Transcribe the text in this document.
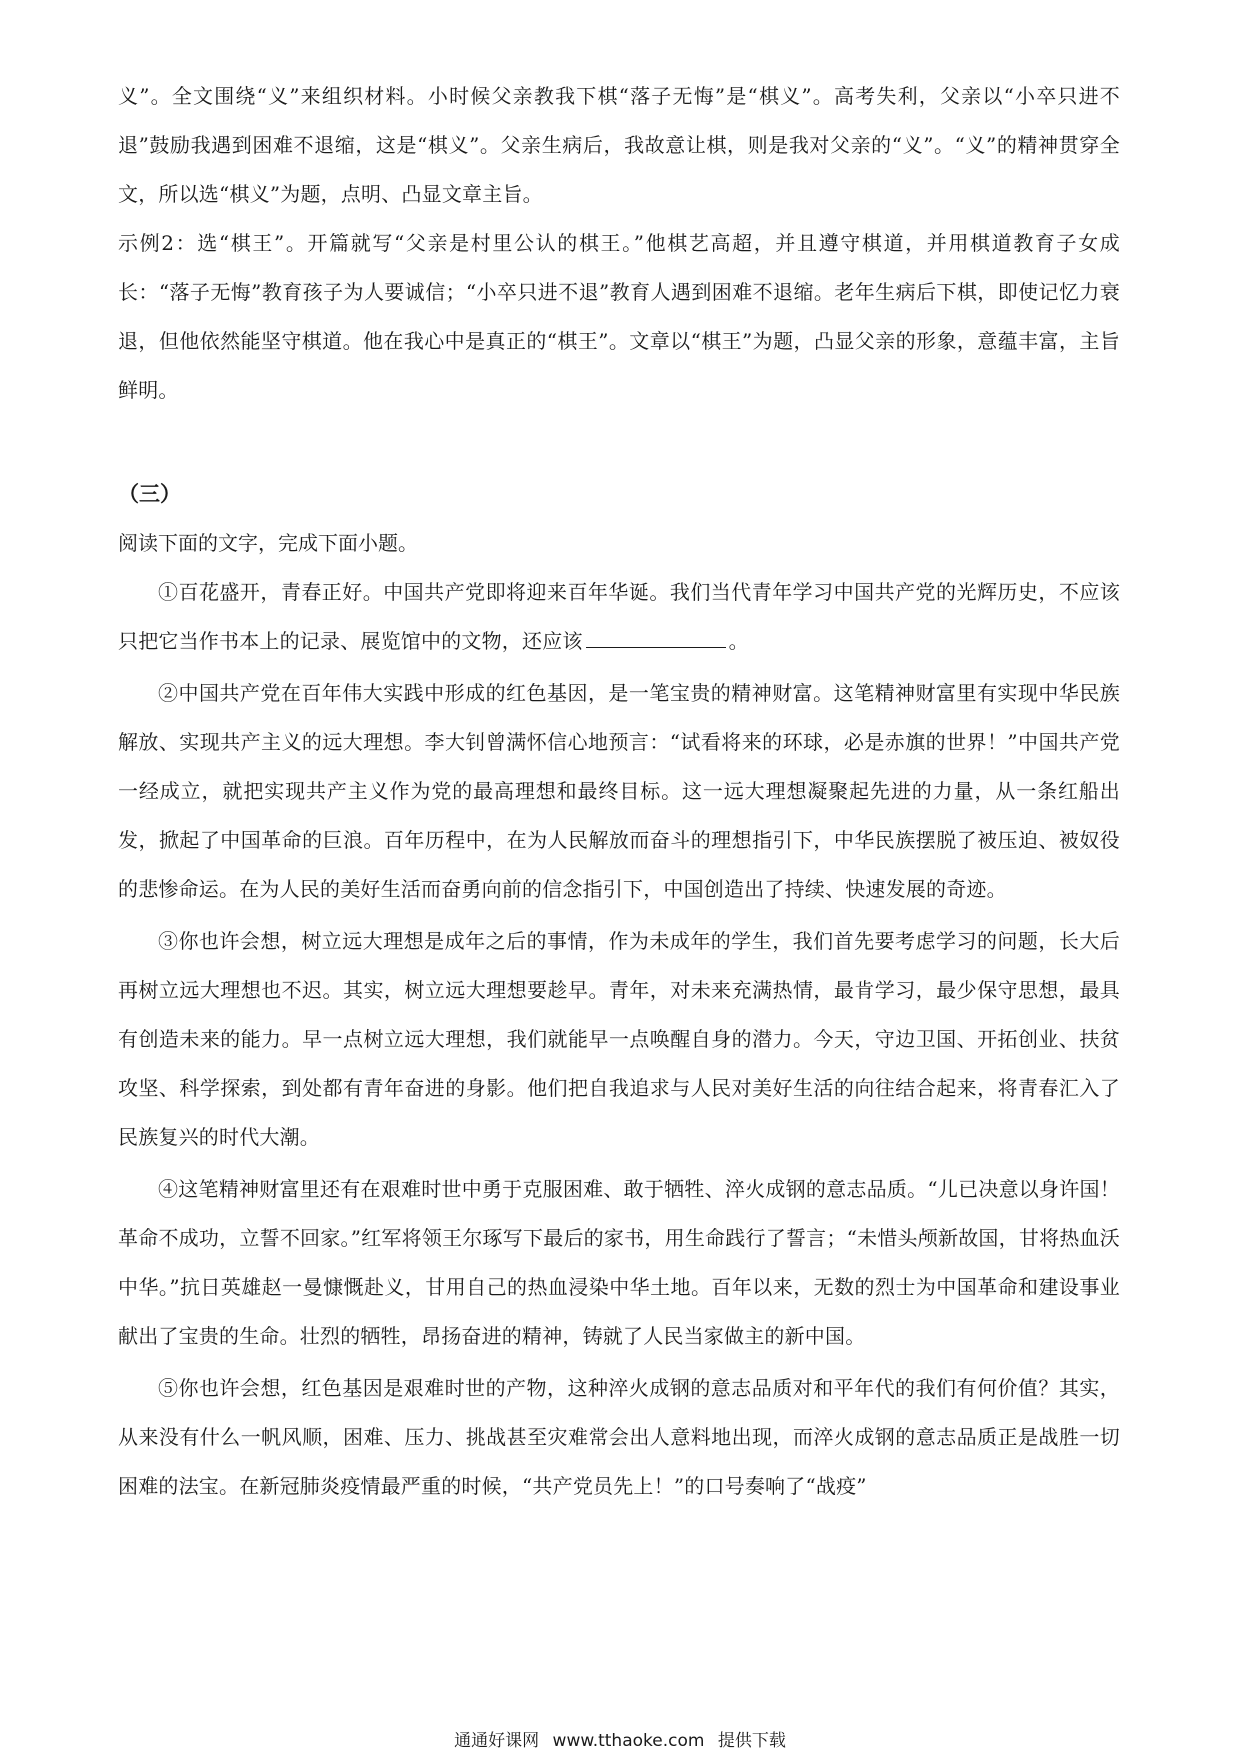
义”。全文围绕“义”来组织材料。小时候父亲教我下棋“落子无悔”是“棋义”。高考失利，父亲以“小卒只进不退”鼓励我遇到困难不退缩，这是“棋义”。父亲生病后，我故意让棋，则是我对父亲的“义”。“义”的精神贯穿全文，所以选“棋义”为题，点明、凸显文章主旨。

示例2：选“棋王”。开篇就写“父亲是村里公认的棋王。”他棋艺高超，并且遵守棋道，并用棋道教育子女成长：“落子无悔”教育孩子为人要诚信；“小卒只进不退”教育人遇到困难不退缩。老年生病后下棋，即使记忆力衰退，但他依然能坚守棋道。他在我心中是真正的“棋王”。文章以“棋王”为题，凸显父亲的形象，意蕴丰富，主旨鲜明。

（三）

阅读下面的文字，完成下面小题。

①百花盛开，青春正好。中国共产党即将迎来百年华诞。我们当代青年学习中国共产党的光辉历史，不应该只把它当作书本上的记录、展览馆中的文物，还应该	。

②中国共产党在百年伟大实践中形成的红色基因，是一笔宝贵的精神财富。这笔精神财富里有实现中华民族解放、实现共产主义的远大理想。李大钊曾满怀信心地预言：“试看将来的环球，必是赤旗的世界！”中国共产党一经成立，就把实现共产主义作为党的最高理想和最终目标。这一远大理想凝聚起先进的力量，从一条红船出发，掀起了中国革命的巨浪。百年历程中，在为人民解放而奋斗的理想指引下，中华民族摆脱了被压迫、被奴役的悲惨命运。在为人民的美好生活而奋勇向前的信念指引下，中国创造出了持续、快速发展的奇迹。

③你也许会想，树立远大理想是成年之后的事情，作为未成年的学生，我们首先要考虑学习的问题，长大后再树立远大理想也不迟。其实，树立远大理想要趁早。青年，对未来充满热情，最肯学习，最少保守思想，最具有创造未来的能力。早一点树立远大理想，我们就能早一点唤醒自身的潜力。今天，守边卫国、开拓创业、扶贫攻坚、科学探索，到处都有青年奋进的身影。他们把自我追求与人民对美好生活的向往结合起来，将青春汇入了民族复兴的时代大潮。

④这笔精神财富里还有在艰难时世中勇于克服困难、敢于牺牲、淬火成钢的意志品质。“儿已决意以身许国！革命不成功，立誓不回家。”红军将领王尔琢写下最后的家书，用生命践行了誓言；“未惜头颅新故国，甘将热血沃中华。”抗日英雄赵一曼慷慨赴义，甘用自己的热血浸染中华土地。百年以来，无数的烈士为中国革命和建设事业献出了宝贵的生命。壮烈的牺牲，昂扬奋进的精神，铸就了人民当家做主的新中国。

⑤你也许会想，红色基因是艰难时世的产物，这种淬火成钢的意志品质对和平年代的我们有何价值？其实，从来没有什么一帆风顺，困难、压力、挑战甚至灾难常会出人意料地出现，而淬火成钢的意志品质正是战胜一切困难的法宝。在新冠肺炎疫情最严重的时候，“共产党员先上！”的口号奏响了“战疫”

通通好课网 www.tthaoke.com 提供下载
